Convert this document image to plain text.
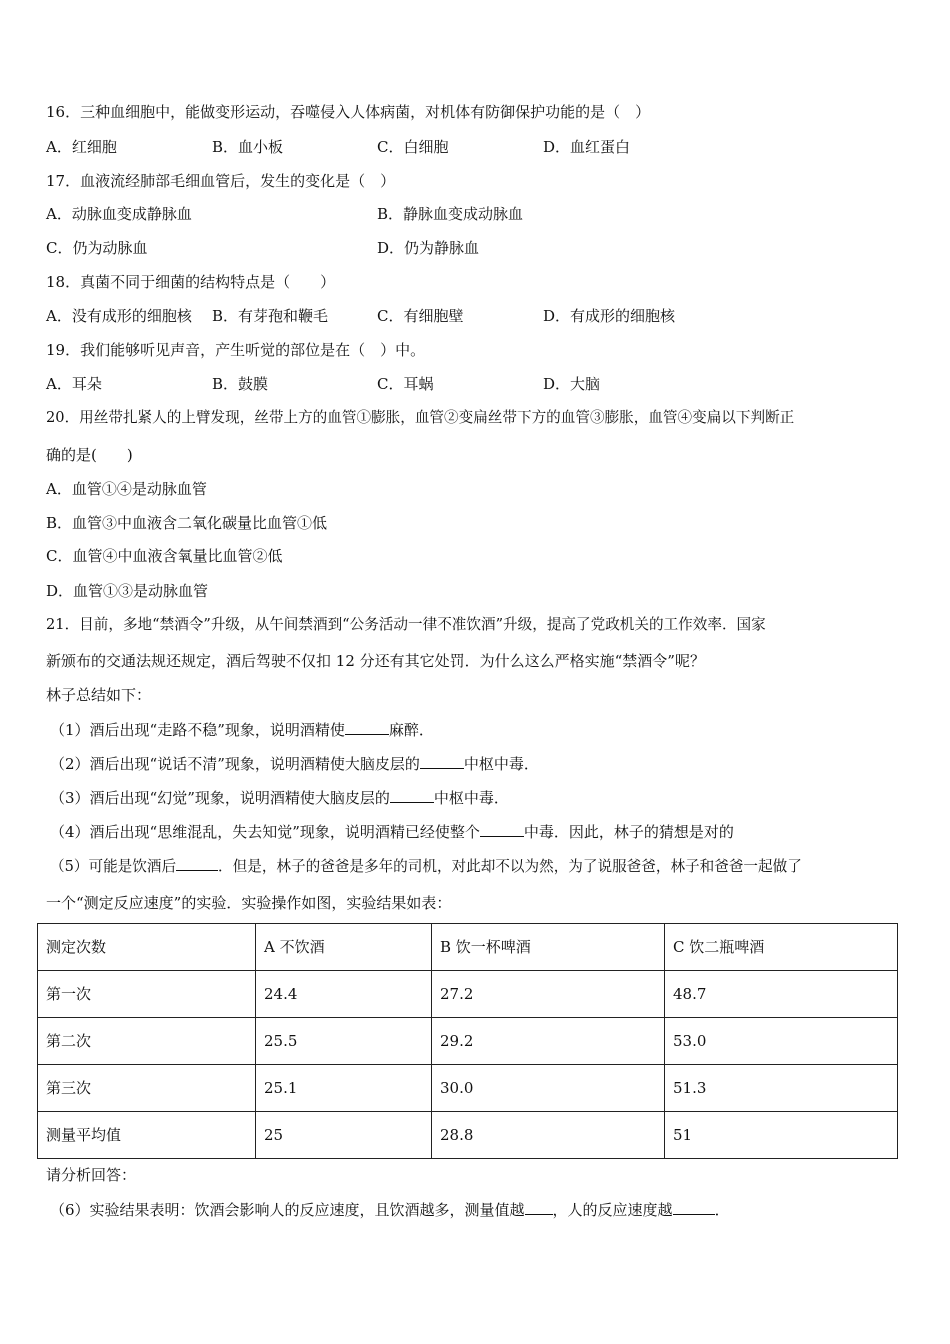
16．三种血细胞中，能做变形运动，吞噬侵入人体病菌，对机体有防御保护功能的是（　）
A．红细胞	B．血小板	C．白细胞	D．血红蛋白
17．血液流经肺部毛细血管后，发生的变化是（　）
A．动脉血变成静脉血	B．静脉血变成动脉血
C．仍为动脉血	D．仍为静脉血
18．真菌不同于细菌的结构特点是（　　）
A．没有成形的细胞核 B．有芽孢和鞭毛	C．有细胞壁	D．有成形的细胞核
19．我们能够听见声音，产生听觉的部位是在（　）中。
A．耳朵	B．鼓膜	C．耳蜗	D．大脑
20．用丝带扎紧人的上臂发现，丝带上方的血管①膨胀，血管②变扁丝带下方的血管③膨胀，血管④变扁以下判断正
确的是(　　)
A．血管①④是动脉血管
B．血管③中血液含二氧化碳量比血管①低
C．血管④中血液含氧量比血管②低
D．血管①③是动脉血管
21．目前，多地“禁酒令”升级，从午间禁酒到“公务活动一律不准饮酒”升级，提高了党政机关的工作效率．国家
新颁布的交通法规还规定，酒后驾驶不仅扣 12 分还有其它处罚．为什么这么严格实施“禁酒令”呢？
林子总结如下：
（1）酒后出现“走路不稳”现象，说明酒精使	麻醉．
（2）酒后出现“说话不清”现象，说明酒精使大脑皮层的	中枢中毒．
（3）酒后出现“幻觉”现象，说明酒精使大脑皮层的	中枢中毒．
（4）酒后出现“思维混乱，失去知觉”现象，说明酒精已经使整个	中毒．因此，林子的猜想是对的
（5）可能是饮酒后	．但是，林子的爸爸是多年的司机，对此却不以为然，为了说服爸爸，林子和爸爸一起做了
一个“测定反应速度”的实验．实验操作如图，实验结果如表：
测定次数	A 不饮酒	B 饮一杯啤酒	C 饮二瓶啤酒
第一次	24.4	27.2	48.7
第二次	25.5	29.2	53.0
第三次	25.1	30.0	51.3
测量平均值	25	28.8	51
请分析回答：
（6）实验结果表明：饮酒会影响人的反应速度，且饮酒越多，测量值越 ，人的反应速度越	．
